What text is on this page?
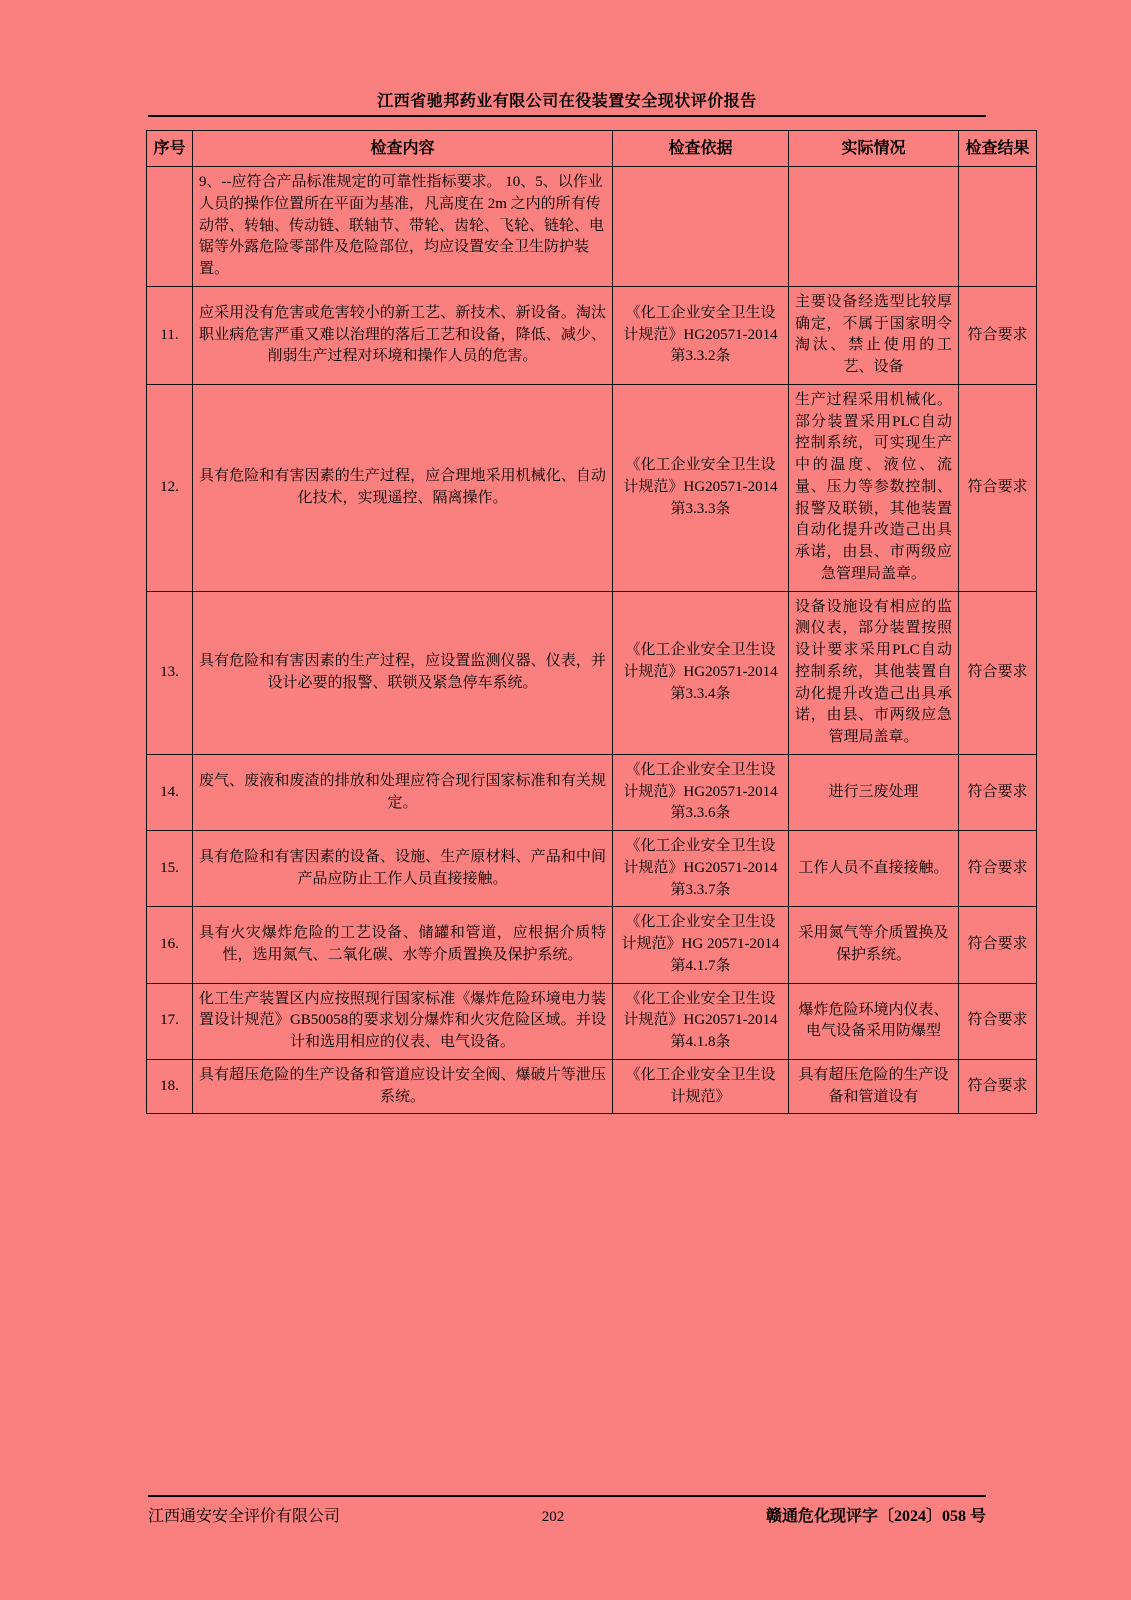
江西省驰邦药业有限公司在役装置安全现状评价报告
序号	检查内容	检查依据	实际情况	检查结果
	9、--应符合产品标准规定的可靠性指标要求。 10、5、以作业人员的操作位置所在平面为基准，凡高度在 2m 之内的所有传动带、转轴、传动链、联轴节、带轮、齿轮、飞轮、链轮、电锯等外露危险零部件及危险部位，均应设置安全卫生防护装置。			
11.	应采用没有危害或危害较小的新工艺、新技术、新设备。淘汰职业病危害严重又难以治理的落后工艺和设备，降低、减少、削弱生产过程对环境和操作人员的危害。	《化工企业安全卫生设计规范》HG20571-2014第3.3.2条	主要设备经选型比较厚确定，不属于国家明令淘汰、禁止使用的工艺、设备	符合要求
12.	具有危险和有害因素的生产过程，应合理地采用机械化、自动化技术，实现遥控、隔离操作。	《化工企业安全卫生设计规范》HG20571-2014第3.3.3条	生产过程采用机械化。部分装置采用PLC自动控制系统，可实现生产中的温度、液位、流量、压力等参数控制、报警及联锁，其他装置自动化提升改造己出具承诺，由县、市两级应急管理局盖章。	符合要求
13.	具有危险和有害因素的生产过程，应设置监测仪器、仪表，并设计必要的报警、联锁及紧急停车系统。	《化工企业安全卫生设计规范》HG20571-2014第3.3.4条	设备设施设有相应的监测仪表，部分装置按照设计要求采用PLC自动控制系统，其他装置自动化提升改造己出具承诺，由县、市两级应急管理局盖章。	符合要求
14.	废气、废液和废渣的排放和处理应符合现行国家标准和有关规定。	《化工企业安全卫生设计规范》HG20571-2014第3.3.6条	进行三废处理	符合要求
15.	具有危险和有害因素的设备、设施、生产原材料、产品和中间产品应防止工作人员直接接触。	《化工企业安全卫生设计规范》HG20571-2014第3.3.7条	工作人员不直接接触。	符合要求
16.	具有火灾爆炸危险的工艺设备、储罐和管道，应根据介质特性，选用氮气、二氧化碳、水等介质置换及保护系统。	《化工企业安全卫生设计规范》HG 20571-2014第4.1.7条	采用氮气等介质置换及保护系统。	符合要求
17.	化工生产装置区内应按照现行国家标准《爆炸危险环境电力装置设计规范》GB50058的要求划分爆炸和火灾危险区域。并设计和选用相应的仪表、电气设备。	《化工企业安全卫生设计规范》HG20571-2014第4.1.8条	爆炸危险环境内仪表、电气设备采用防爆型	符合要求
18.	具有超压危险的生产设备和管道应设计安全阀、爆破片等泄压系统。	《化工企业安全卫生设计规范》	具有超压危险的生产设备和管道设有	符合要求
江西通安安全评价有限公司	202	赣通危化现评字〔2024〕058 号
